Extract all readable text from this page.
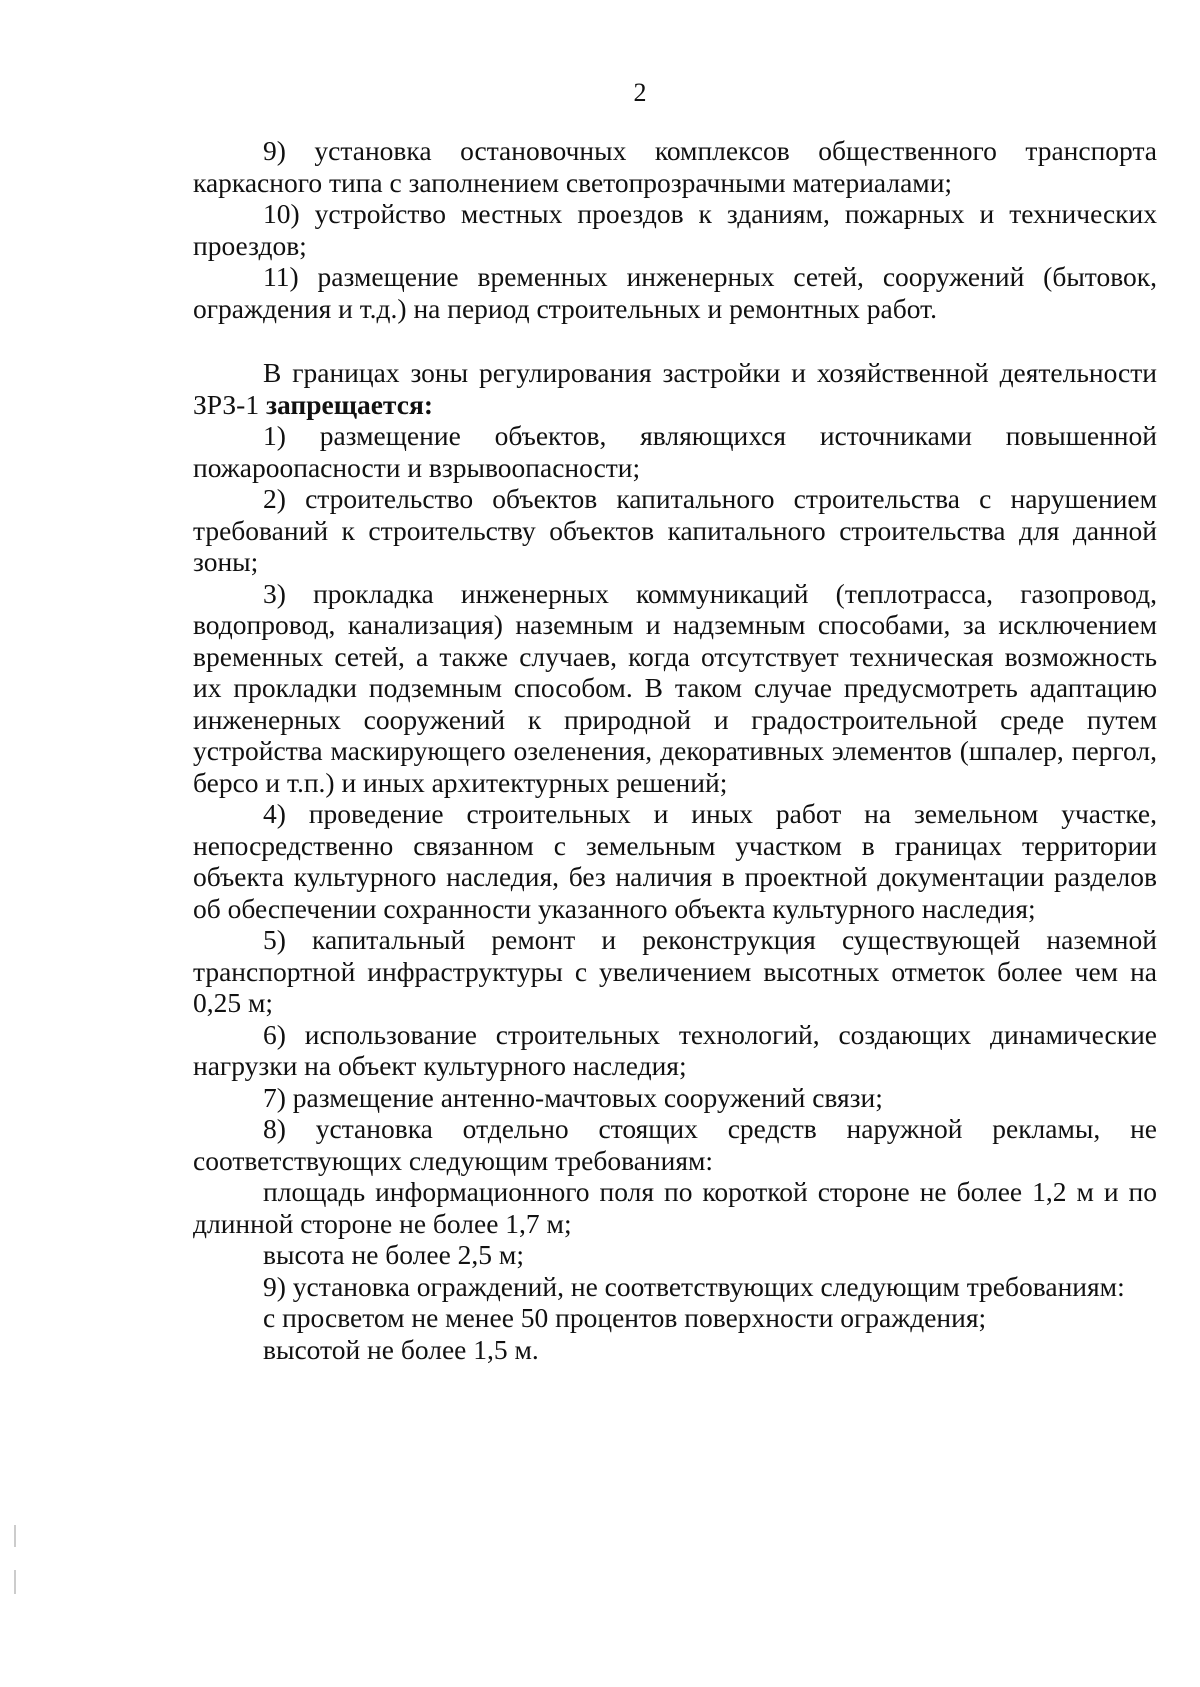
2

9) установка остановочных комплексов общественного транспорта каркасного типа с заполнением светопрозрачными материалами;

10) устройство местных проездов к зданиям, пожарных и технических проездов;

11) размещение временных инженерных сетей, сооружений (бытовок, ограждения и т.д.) на период строительных и ремонтных работ.

В границах зоны регулирования застройки и хозяйственной деятельности ЗРЗ-1 запрещается:

1) размещение объектов, являющихся источниками повышенной пожароопасности и взрывоопасности;

2) строительство объектов капитального строительства с нарушением требований к строительству объектов капитального строительства для данной зоны;

3) прокладка инженерных коммуникаций (теплотрасса, газопровод, водопровод, канализация) наземным и надземным способами, за исключением временных сетей, а также случаев, когда отсутствует техническая возможность их прокладки подземным способом. В таком случае предусмотреть адаптацию инженерных сооружений к природной и градостроительной среде путем устройства маскирующего озеленения, декоративных элементов (шпалер, пергол, берсо и т.п.) и иных архитектурных решений;

4) проведение строительных и иных работ на земельном участке, непосредственно связанном с земельным участком в границах территории объекта культурного наследия, без наличия в проектной документации разделов об обеспечении сохранности указанного объекта культурного наследия;

5) капитальный ремонт и реконструкция существующей наземной транспортной инфраструктуры с увеличением высотных отметок более чем на 0,25 м;

6) использование строительных технологий, создающих динамические нагрузки на объект культурного наследия;

7) размещение антенно-мачтовых сооружений связи;

8) установка отдельно стоящих средств наружной рекламы, не соответствующих следующим требованиям:

площадь информационного поля по короткой стороне не более 1,2 м и по длинной стороне не более 1,7 м;

высота не более 2,5 м;

9) установка ограждений, не соответствующих следующим требованиям:

с просветом не менее 50 процентов поверхности ограждения;

высотой не более 1,5 м.
